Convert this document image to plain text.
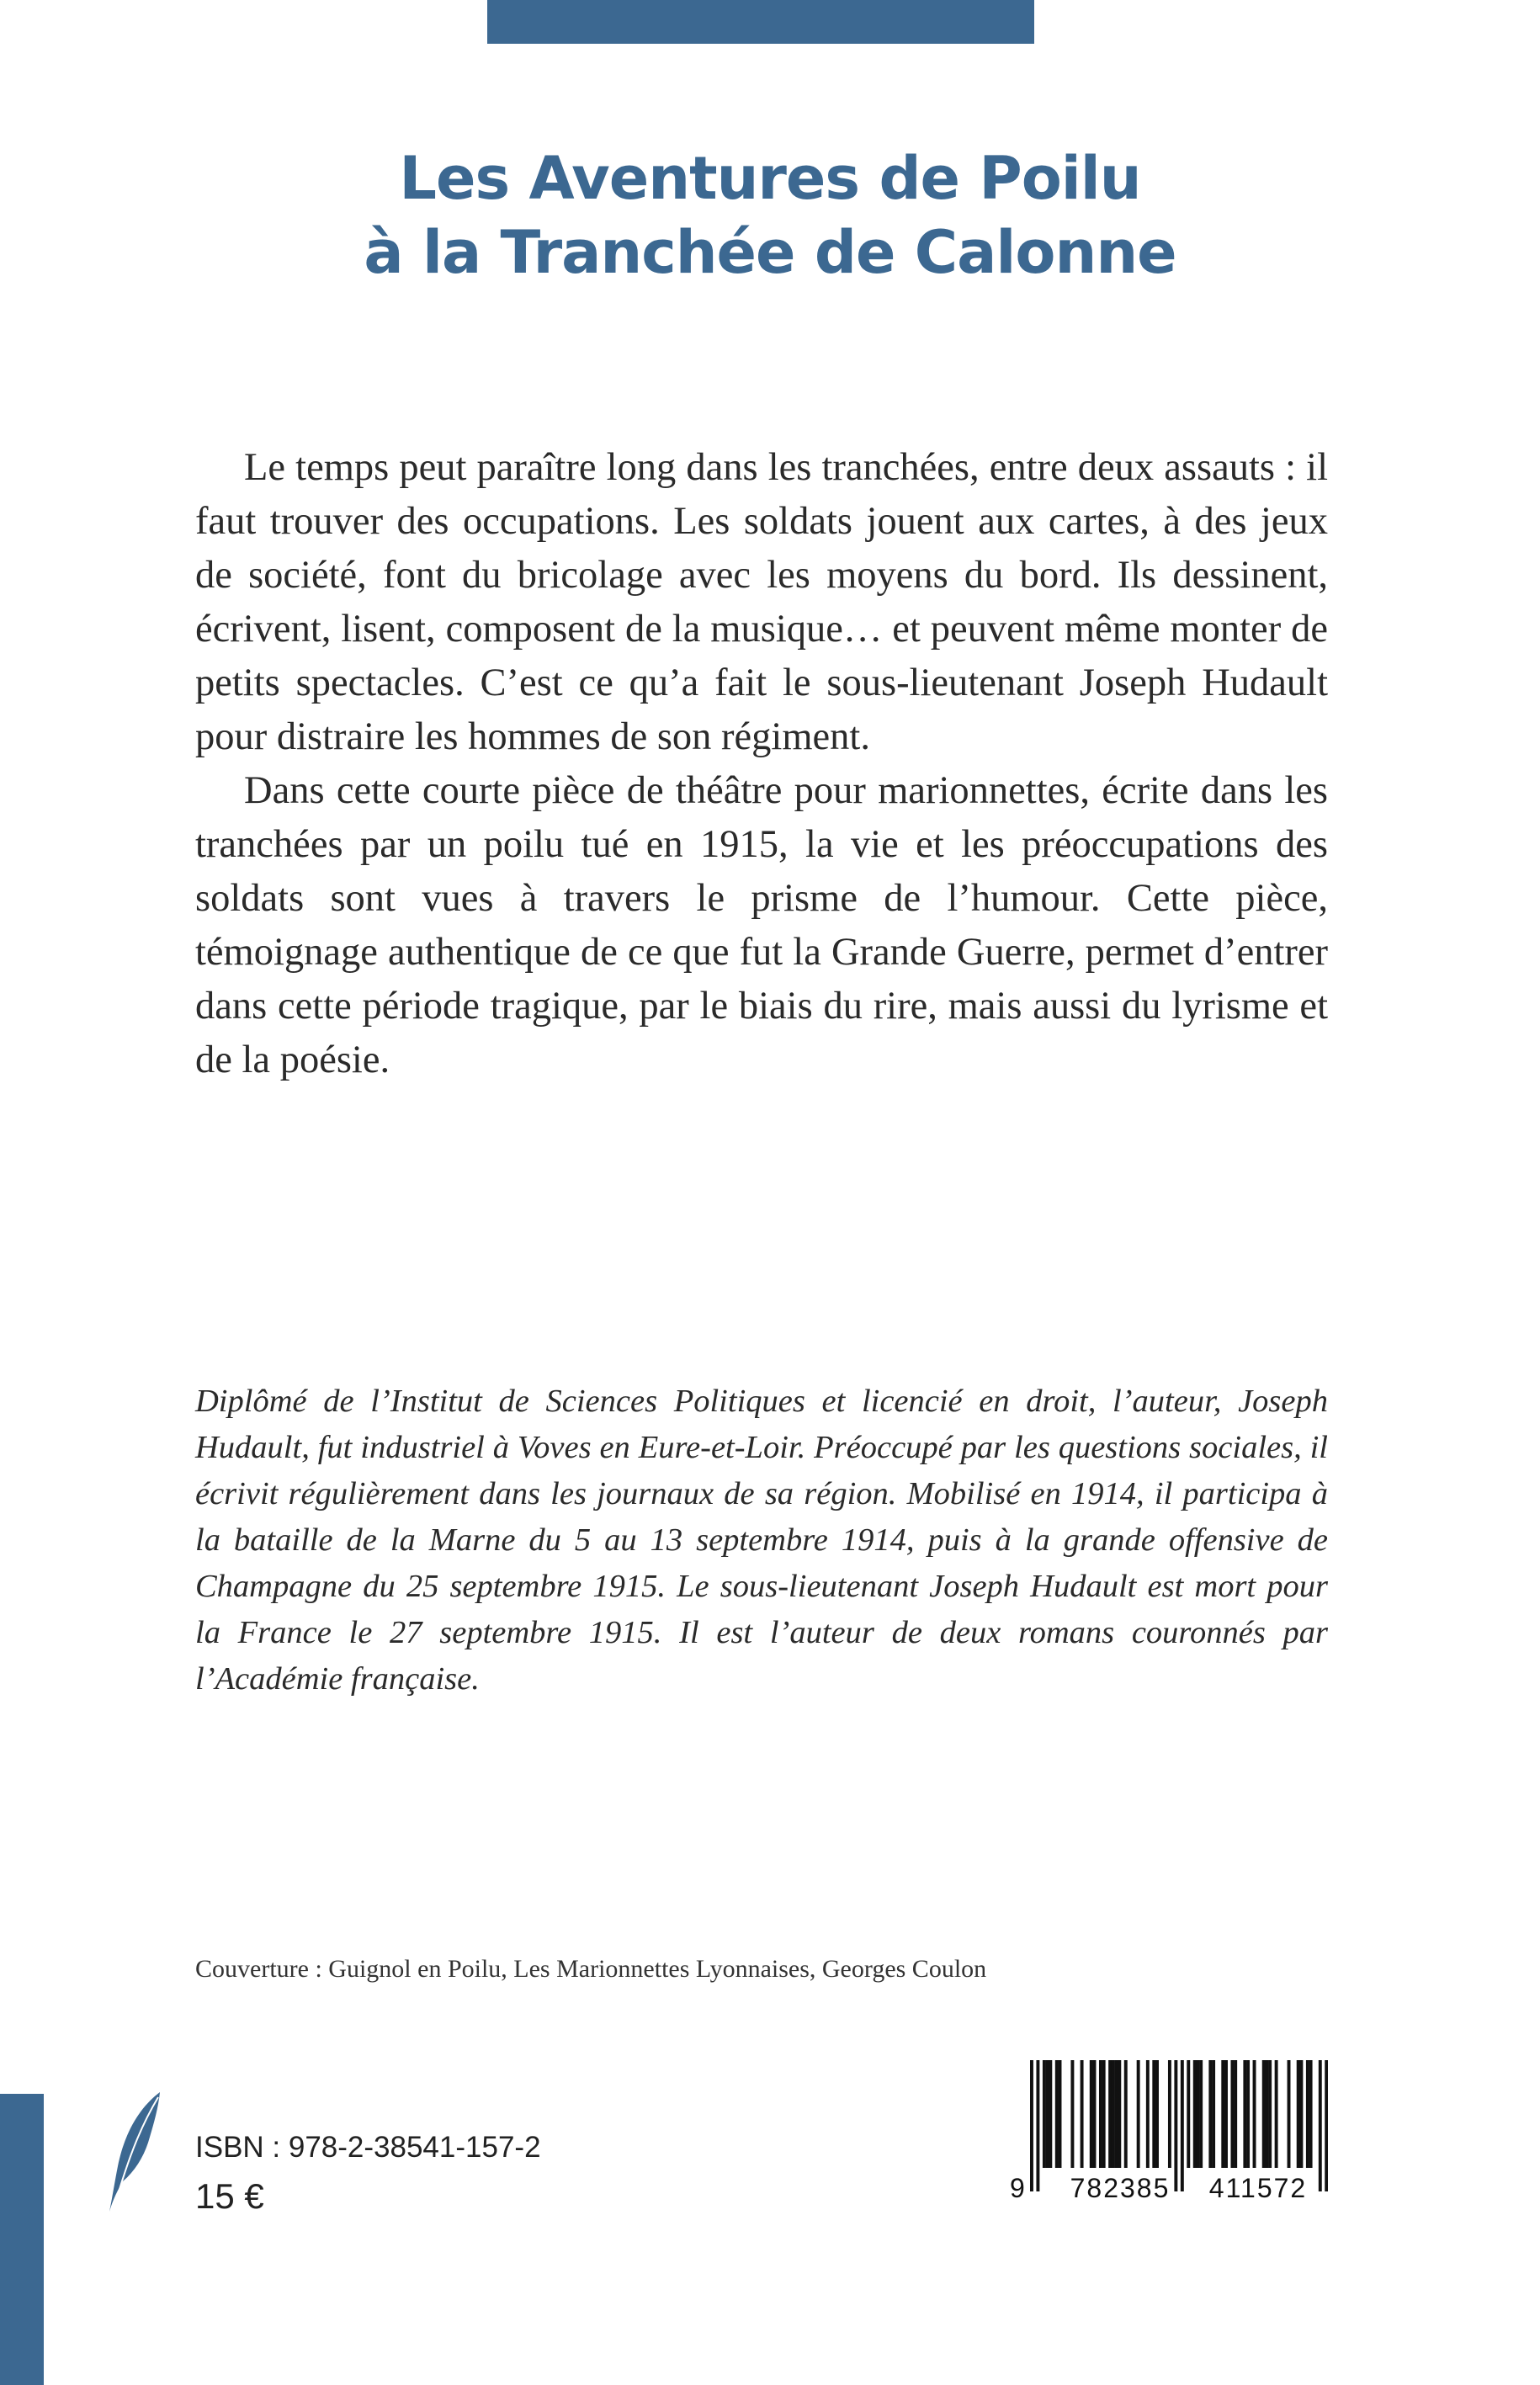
Les Aventures de Poilu
à la Tranchée de Calonne

Le temps peut paraître long dans les tranchées, entre deux assauts : il faut trouver des occupations. Les soldats jouent aux cartes, à des jeux de société, font du bricolage avec les moyens du bord. Ils dessinent, écrivent, lisent, composent de la musique… et peuvent même monter de petits spectacles. C’est ce qu’a fait le sous-lieutenant Joseph Hudault pour distraire les hommes de son régiment.

Dans cette courte pièce de théâtre pour marionnettes, écrite dans les tranchées par un poilu tué en 1915, la vie et les préoccupations des soldats sont vues à travers le prisme de l’humour. Cette pièce, témoignage authentique de ce que fut la Grande Guerre, permet d’entrer dans cette période tragique, par le biais du rire, mais aussi du lyrisme et de la poésie.

Diplômé de l’Institut de Sciences Politiques et licencié en droit, l’auteur, Joseph Hudault, fut industriel à Voves en Eure-et-Loir. Préoccupé par les questions sociales, il écrivit régulièrement dans les journaux de sa région. Mobilisé en 1914, il participa à la bataille de la Marne du 5 au 13 septembre 1914, puis à la grande offensive de Champagne du 25 septembre 1915. Le sous-lieutenant Joseph Hudault est mort pour la France le 27 septembre 1915. Il est l’auteur de deux romans couronnés par l’Académie française.
Couverture : Guignol en Poilu, Les Marionnettes Lyonnaises, Georges Coulon
ISBN : 978-2-38541-157-2
15 €	9	782385	411572
